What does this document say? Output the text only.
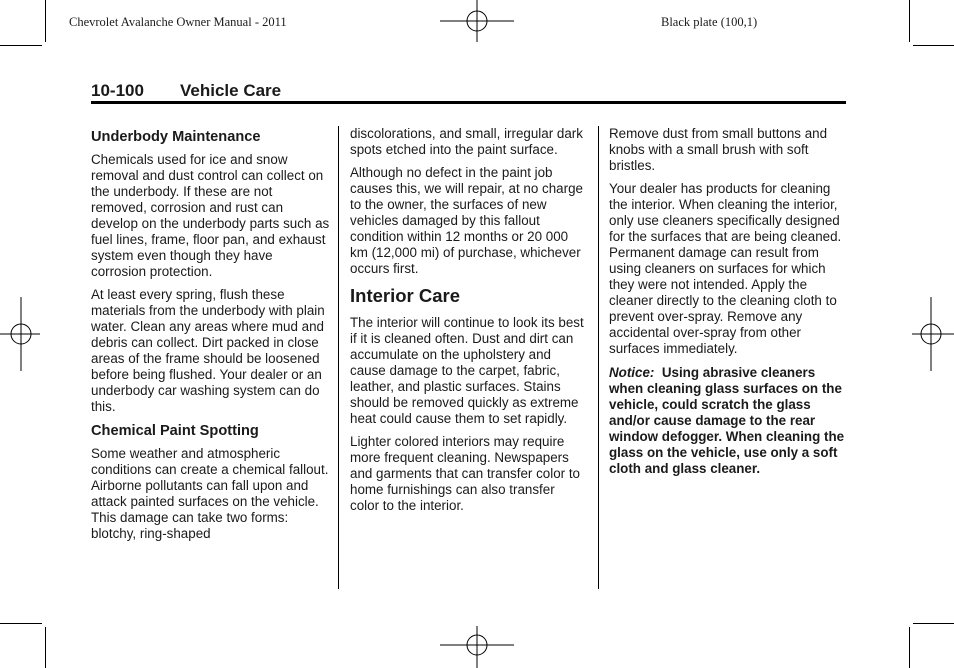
Chevrolet Avalanche Owner Manual - 2011	Black plate (100,1)
10-100 Vehicle Care
Underbody Maintenance

Chemicals used for ice and snow removal and dust control can collect on the underbody. If these are not removed, corrosion and rust can develop on the underbody parts such as fuel lines, frame, floor pan, and exhaust system even though they have corrosion protection.

At least every spring, flush these materials from the underbody with plain water. Clean any areas where mud and debris can collect. Dirt packed in close areas of the frame should be loosened before being flushed. Your dealer or an underbody car washing system can do this.

Chemical Paint Spotting

Some weather and atmospheric conditions can create a chemical fallout. Airborne pollutants can fall upon and attack painted surfaces on the vehicle. This damage can take two forms: blotchy, ring-shaped

discolorations, and small, irregular dark spots etched into the paint surface.

Although no defect in the paint job causes this, we will repair, at no charge to the owner, the surfaces of new vehicles damaged by this fallout condition within 12 months or 20 000 km (12,000 mi) of purchase, whichever occurs first.

Interior Care

The interior will continue to look its best if it is cleaned often. Dust and dirt can accumulate on the upholstery and cause damage to the carpet, fabric, leather, and plastic surfaces. Stains should be removed quickly as extreme heat could cause them to set rapidly.

Lighter colored interiors may require more frequent cleaning. Newspapers and garments that can transfer color to home furnishings can also transfer color to the interior.

Remove dust from small buttons and knobs with a small brush with soft bristles.

Your dealer has products for cleaning the interior. When cleaning the interior, only use cleaners specifically designed for the surfaces that are being cleaned. Permanent damage can result from using cleaners on surfaces for which they were not intended. Apply the cleaner directly to the cleaning cloth to prevent over-spray. Remove any accidental over-spray from other surfaces immediately.

Notice: Using abrasive cleaners when cleaning glass surfaces on the vehicle, could scratch the glass and/or cause damage to the rear window defogger. When cleaning the glass on the vehicle, use only a soft cloth and glass cleaner.
